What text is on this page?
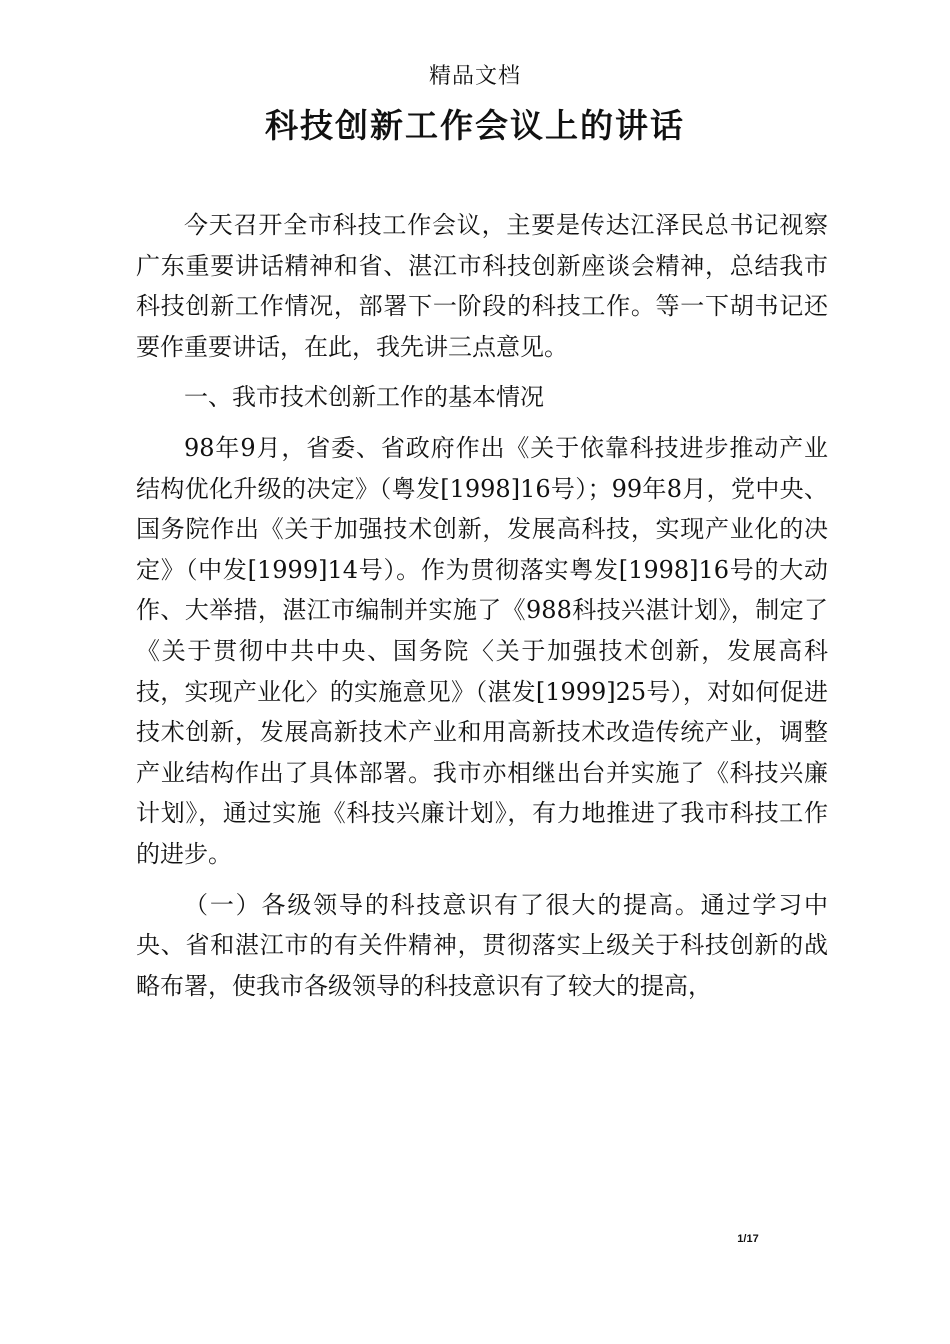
精品文档
科技创新工作会议上的讲话

今天召开全市科技工作会议，主要是传达江泽民总书记视察广东重要讲话精神和省、湛江市科技创新座谈会精神，总结我市科技创新工作情况，部署下一阶段的科技工作。等一下胡书记还要作重要讲话，在此，我先讲三点意见。

一、我市技术创新工作的基本情况

98年9月，省委、省政府作出《关于依靠科技进步推动产业结构优化升级的决定》（粤发[1998]16号）；99年8月，党中央、国务院作出《关于加强技术创新，发展高科技，实现产业化的决定》（中发[1999]14号）。作为贯彻落实粤发[1998]16号的大动作、大举措，湛江市编制并实施了《988科技兴湛计划》，制定了《关于贯彻中共中央、国务院〈关于加强技术创新，发展高科技，实现产业化〉的实施意见》（湛发[1999]25号），对如何促进技术创新，发展高新技术产业和用高新技术改造传统产业，调整产业结构作出了具体部署。我市亦相继出台并实施了《科技兴廉计划》，通过实施《科技兴廉计划》，有力地推进了我市科技工作的进步。

（一）各级领导的科技意识有了很大的提高。通过学习中央、省和湛江市的有关件精神，贯彻落实上级关于科技创新的战略布署，使我市各级领导的科技意识有了较大的提高，

1/17
